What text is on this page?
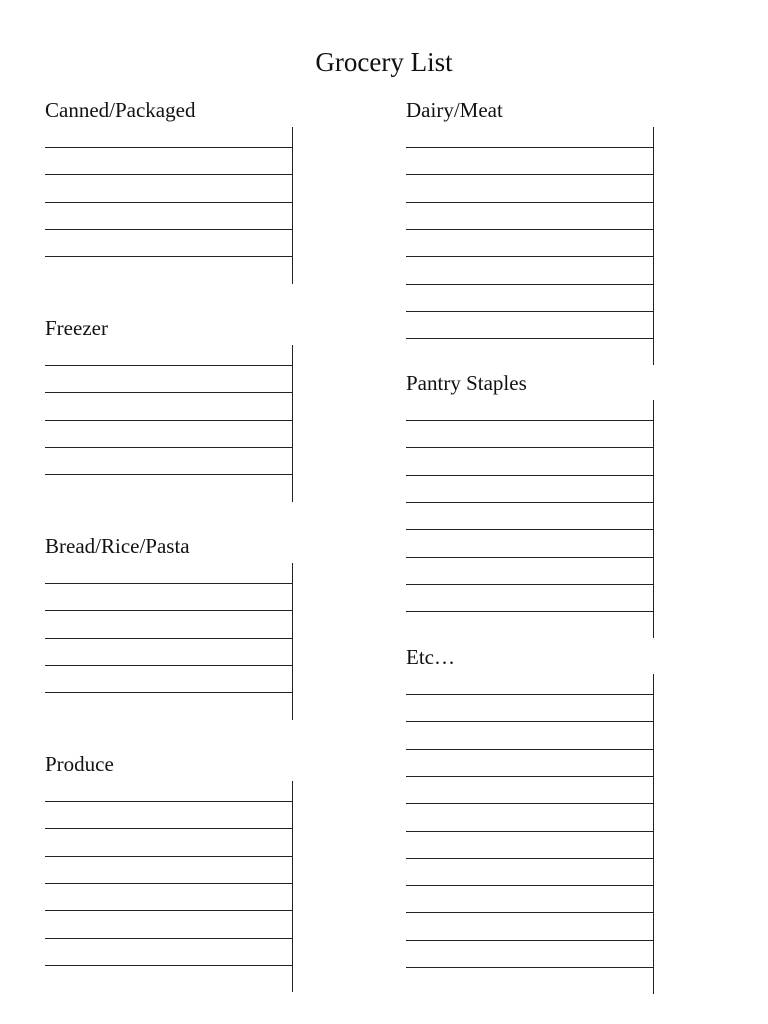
Grocery List
Canned/Packaged
Freezer
Bread/Rice/Pasta
Produce
Dairy/Meat
Pantry Staples
Etc…
